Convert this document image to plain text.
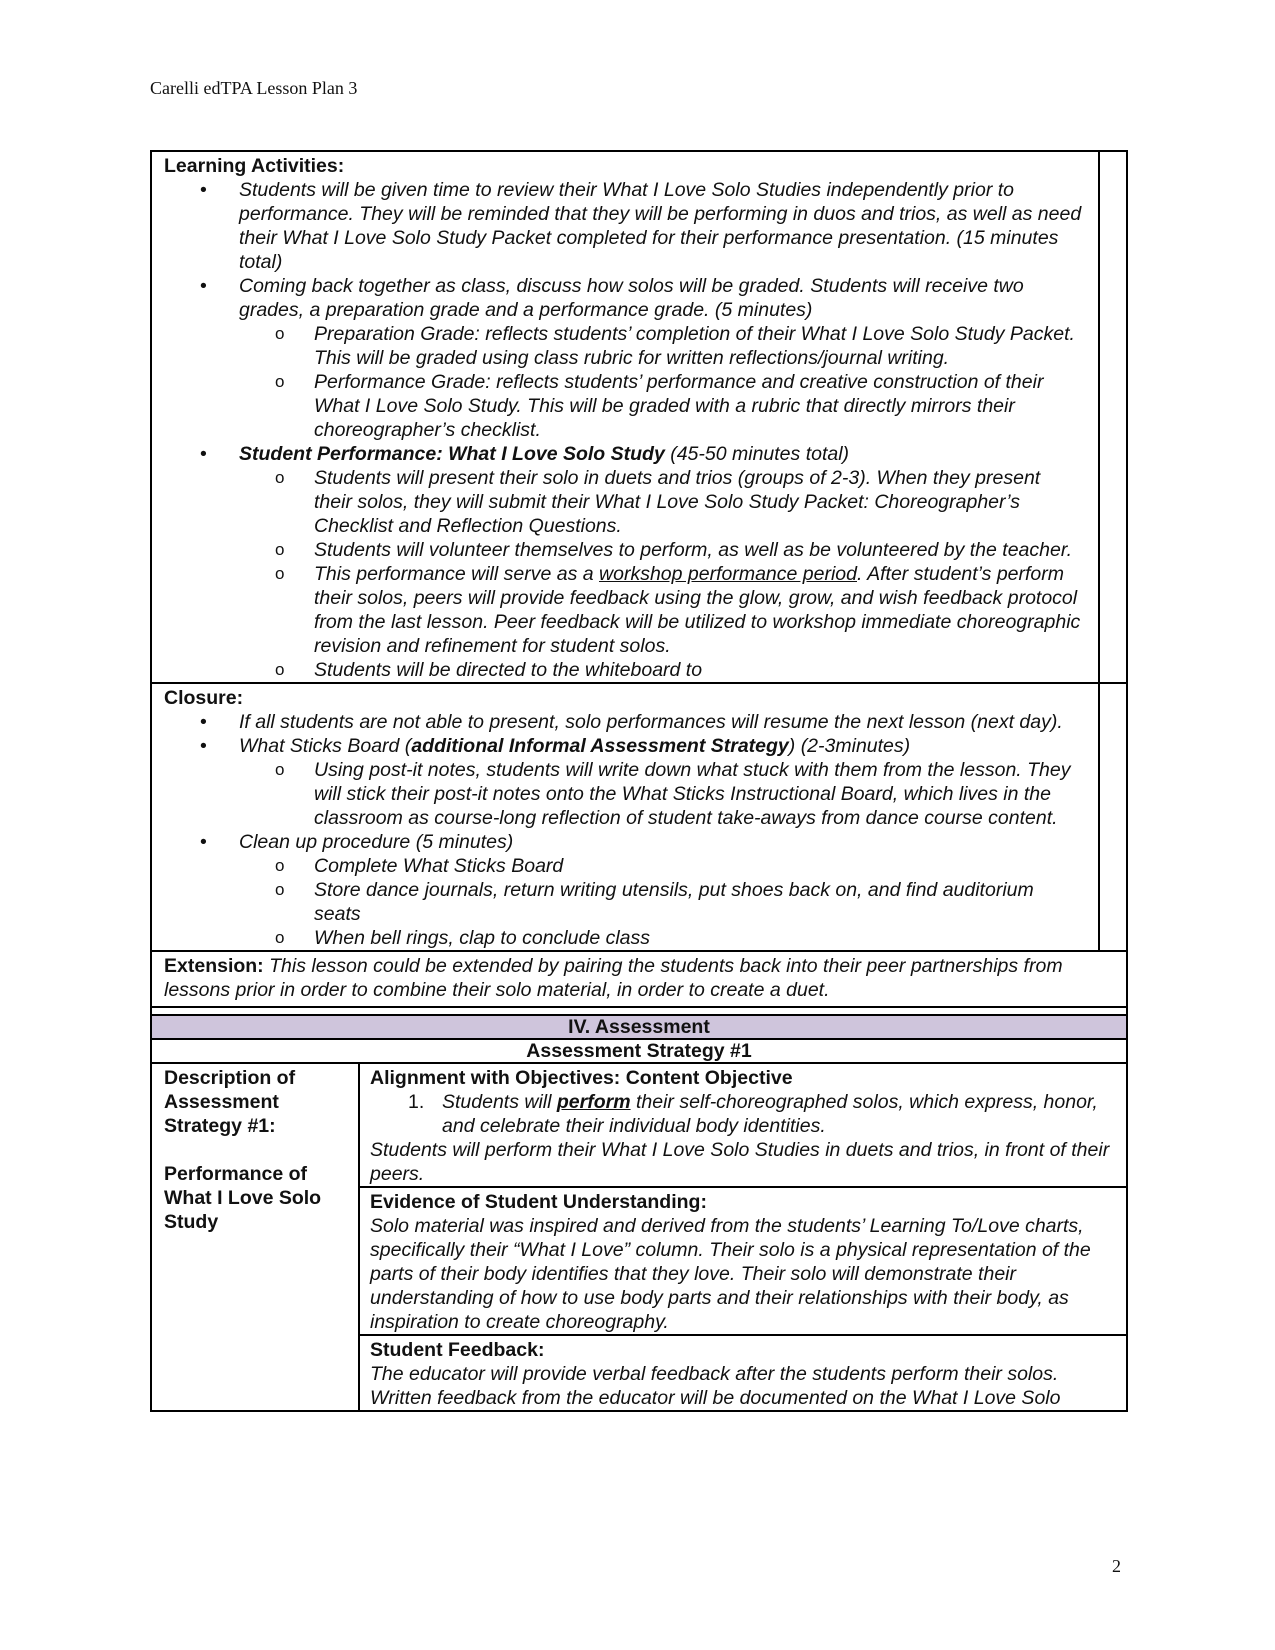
Carelli edTPA Lesson Plan 3
Learning Activities:
• Students will be given time to review their What I Love Solo Studies independently prior to performance. They will be reminded that they will be performing in duos and trios, as well as need their What I Love Solo Study Packet completed for their performance presentation. (15 minutes total)
• Coming back together as class, discuss how solos will be graded. Students will receive two grades, a preparation grade and a performance grade. (5 minutes)
o Preparation Grade: reflects students’ completion of their What I Love Solo Study Packet. This will be graded using class rubric for written reflections/journal writing.
o Performance Grade: reflects students’ performance and creative construction of their What I Love Solo Study. This will be graded with a rubric that directly mirrors their choreographer’s checklist.
• Student Performance: What I Love Solo Study (45-50 minutes total)
o Students will present their solo in duets and trios (groups of 2-3). When they present their solos, they will submit their What I Love Solo Study Packet: Choreographer’s Checklist and Reflection Questions.
o Students will volunteer themselves to perform, as well as be volunteered by the teacher.
o This performance will serve as a workshop performance period. After student’s perform their solos, peers will provide feedback using the glow, grow, and wish feedback protocol from the last lesson. Peer feedback will be utilized to workshop immediate choreographic revision and refinement for student solos.
o Students will be directed to the whiteboard to
Closure:
• If all students are not able to present, solo performances will resume the next lesson (next day).
• What Sticks Board (additional Informal Assessment Strategy) (2-3minutes)
o Using post-it notes, students will write down what stuck with them from the lesson. They will stick their post-it notes onto the What Sticks Instructional Board, which lives in the classroom as course-long reflection of student take-aways from dance course content.
• Clean up procedure (5 minutes)
o Complete What Sticks Board
o Store dance journals, return writing utensils, put shoes back on, and find auditorium seats
o When bell rings, clap to conclude class
Extension: This lesson could be extended by pairing the students back into their peer partnerships from lessons prior in order to combine their solo material, in order to create a duet.
IV. Assessment
Assessment Strategy #1
Description of Assessment Strategy #1:
Performance of What I Love Solo Study
Alignment with Objectives: Content Objective
1. Students will perform their self-choreographed solos, which express, honor, and celebrate their individual body identities.
Students will perform their What I Love Solo Studies in duets and trios, in front of their peers.
Evidence of Student Understanding:
Solo material was inspired and derived from the students’ Learning To/Love charts, specifically their “What I Love” column. Their solo is a physical representation of the parts of their body identifies that they love. Their solo will demonstrate their understanding of how to use body parts and their relationships with their body, as inspiration to create choreography.
Student Feedback:
The educator will provide verbal feedback after the students perform their solos. Written feedback from the educator will be documented on the What I Love Solo
2
